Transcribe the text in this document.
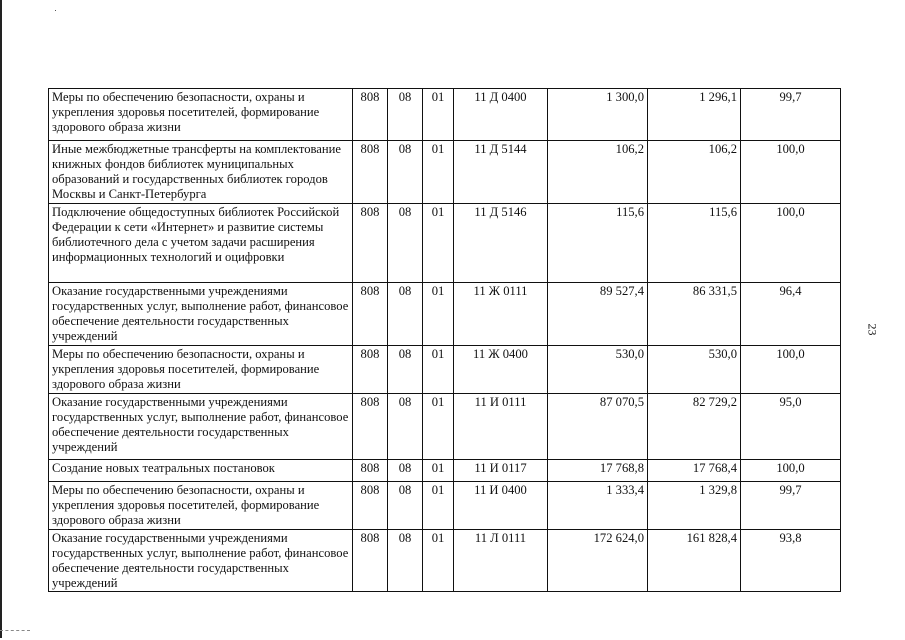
Меры по обеспечению безопасности, охраны и укрепления здоровья посетителей, формирование здорового образа жизни	808	08	01	11 Д 0400	1 300,0	1 296,1	99,7
Иные межбюджетные трансферты на комплектование книжных фондов библиотек муниципальных образований и государственных библиотек городов Москвы и Санкт-Петербурга	808	08	01	11 Д 5144	106,2	106,2	100,0
Подключение общедоступных библиотек Российской Федерации к сети «Интернет» и развитие системы библиотечного дела с учетом задачи расширения информационных технологий и оцифровки	808	08	01	11 Д 5146	115,6	115,6	100,0
Оказание государственными учреждениями государственных услуг, выполнение работ, финансовое обеспечение деятельности государственных учреждений	808	08	01	11 Ж 0111	89 527,4	86 331,5	96,4
Меры по обеспечению безопасности, охраны и укрепления здоровья посетителей, формирование здорового образа жизни	808	08	01	11 Ж 0400	530,0	530,0	100,0
Оказание государственными учреждениями государственных услуг, выполнение работ, финансовое обеспечение деятельности государственных учреждений	808	08	01	11 И 0111	87 070,5	82 729,2	95,0
Создание новых театральных постановок	808	08	01	11 И 0117	17 768,8	17 768,4	100,0
Меры по обеспечению безопасности, охраны и укрепления здоровья посетителей, формирование здорового образа жизни	808	08	01	11 И 0400	1 333,4	1 329,8	99,7
Оказание государственными учреждениями государственных услуг, выполнение работ, финансовое обеспечение деятельности государственных учреждений	808	08	01	11 Л 0111	172 624,0	161 828,4	93,8
23
